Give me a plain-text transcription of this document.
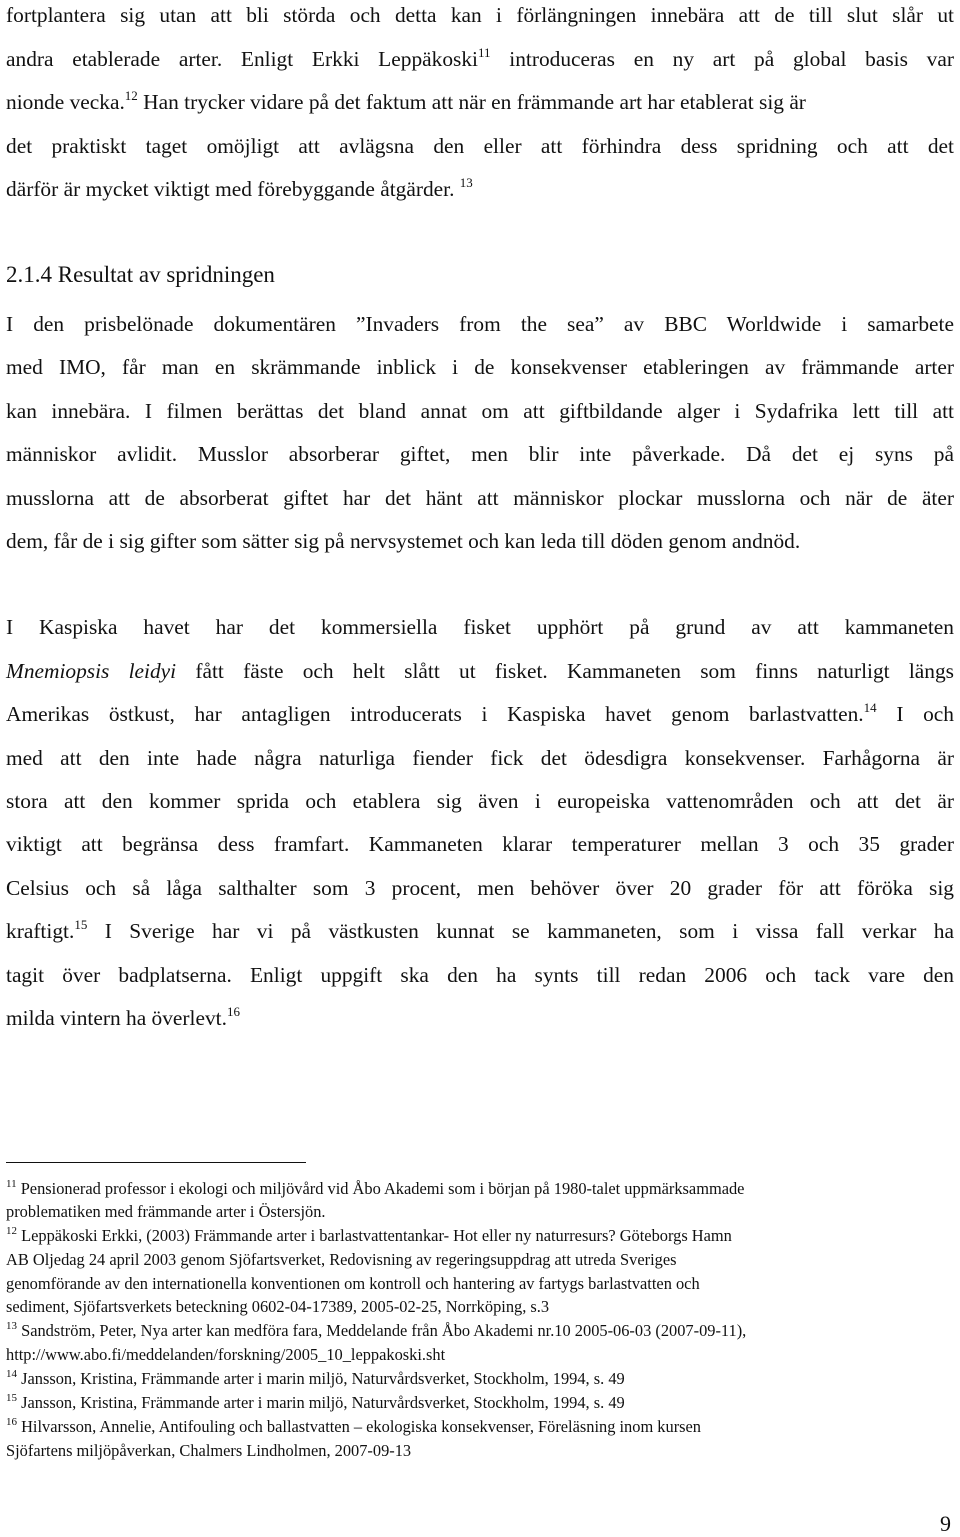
fortplantera sig utan att bli störda och detta kan i förlängningen innebära att de till slut slår ut
andra etablerade arter. Enligt Erkki Leppäkoski$^{11}$ introduceras en ny art på global basis var
nionde vecka.$^{12}$ Han trycker vidare på det faktum att när en främmande art har etablerat sig är
det praktiskt taget omöjligt att avlägsna den eller att förhindra dess spridning och att det
därför är mycket viktigt med förebyggande åtgärder. $^{13}$
2.1.4 Resultat av spridningen
I den prisbelönade dokumentären ”Invaders from the sea” av BBC Worldwide i samarbete
med IMO, får man en skrämmande inblick i de konsekvenser etableringen av främmande arter
kan innebära. I filmen berättas det bland annat om att giftbildande alger i Sydafrika lett till att
människor avlidit. Musslor absorberar giftet, men blir inte påverkade. Då det ej syns på
musslorna att de absorberat giftet har det hänt att människor plockar musslorna och när de äter
dem, får de i sig gifter som sätter sig på nervsystemet och kan leda till döden genom andnöd.
I Kaspiska havet har det kommersiella fisket upphört på grund av att kammaneten
Mnemiopsis leidyi fått fäste och helt slått ut fisket. Kammaneten som finns naturligt längs
Amerikas östkust, har antagligen introducerats i Kaspiska havet genom barlastvatten.$^{14}$ I och
med att den inte hade några naturliga fiender fick det ödesdigra konsekvenser. Farhågorna är
stora att den kommer sprida och etablera sig även i europeiska vattenområden och att det är
viktigt att begränsa dess framfart. Kammaneten klarar temperaturer mellan 3 och 35 grader
Celsius och så låga salthalter som 3 procent, men behöver över 20 grader för att föröka sig
kraftigt.$^{15}$ I Sverige har vi på västkusten kunnat se kammaneten, som i vissa fall verkar ha
tagit över badplatserna. Enligt uppgift ska den ha synts till redan 2006 och tack vare den
milda vintern ha överlevt.$^{16}$
$^{11}$ Pensionerad professor i ekologi och miljövård vid Åbo Akademi som i början på 1980-talet uppmärksammade
problematiken med främmande arter i Östersjön.
$^{12}$ Leppäkoski Erkki, (2003) Främmande arter i barlastvattentankar- Hot eller ny naturresurs? Göteborgs Hamn
AB Oljedag 24 april 2003 genom Sjöfartsverket, Redovisning av regeringsuppdrag att utreda Sveriges
genomförande av den internationella konventionen om kontroll och hantering av fartygs barlastvatten och
sediment, Sjöfartsverkets beteckning 0602-04-17389, 2005-02-25, Norrköping, s.3
$^{13}$ Sandström, Peter, Nya arter kan medföra fara, Meddelande från Åbo Akademi nr.10 2005-06-03 (2007-09-11),
http://www.abo.fi/meddelanden/forskning/2005_10_leppakoski.sht
$^{14}$ Jansson, Kristina, Främmande arter i marin miljö, Naturvårdsverket, Stockholm, 1994, s. 49
$^{15}$ Jansson, Kristina, Främmande arter i marin miljö, Naturvårdsverket, Stockholm, 1994, s. 49
$^{16}$ Hilvarsson, Annelie, Antifouling och ballastvatten – ekologiska konsekvenser, Föreläsning inom kursen
Sjöfartens miljöpåverkan, Chalmers Lindholmen, 2007-09-13
9
